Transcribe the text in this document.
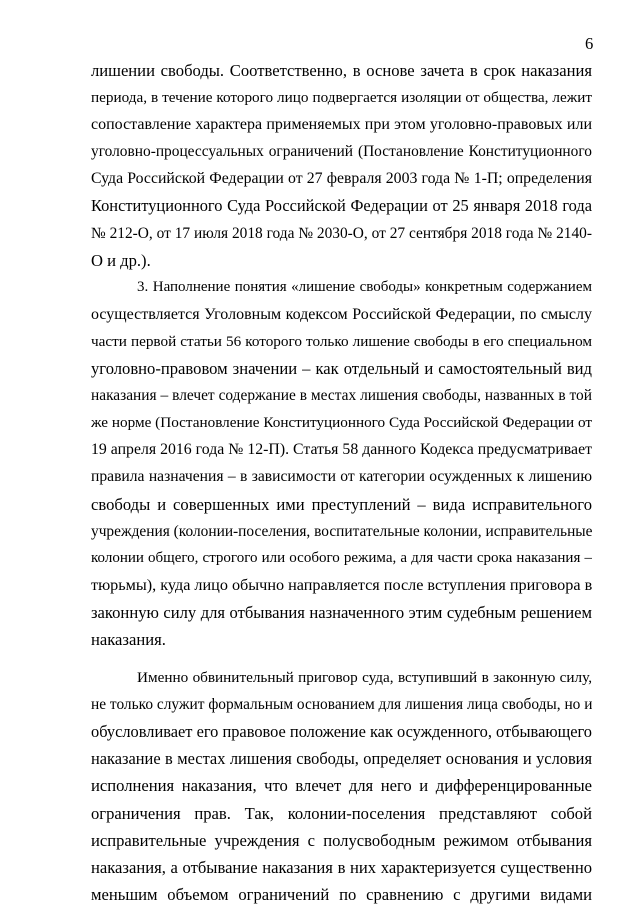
6
лишении свободы. Соответственно, в основе зачета в срок наказания
периода, в течение которого лицо подвергается изоляции от общества, лежит
сопоставление характера применяемых при этом уголовно-правовых или
уголовно-процессуальных ограничений (Постановление Конституционного
Суда Российской Федерации от 27 февраля 2003 года № 1-П; определения
Конституционного Суда Российской Федерации от 25 января 2018 года
№ 212-О, от 17 июля 2018 года № 2030-О, от 27 сентября 2018 года № 2140-
О и др.).
3. Наполнение понятия «лишение свободы» конкретным содержанием
осуществляется Уголовным кодексом Российской Федерации, по смыслу
части первой статьи 56 которого только лишение свободы в его специальном
уголовно-правовом значении – как отдельный и самостоятельный вид
наказания – влечет содержание в местах лишения свободы, названных в той
же норме (Постановление Конституционного Суда Российской Федерации от
19 апреля 2016 года № 12-П). Статья 58 данного Кодекса предусматривает
правила назначения – в зависимости от категории осужденных к лишению
свободы и совершенных ими преступлений – вида исправительного
учреждения (колонии-поселения, воспитательные колонии, исправительные
колонии общего, строгого или особого режима, а для части срока наказания –
тюрьмы), куда лицо обычно направляется после вступления приговора в
законную силу для отбывания назначенного этим судебным решением
наказания.
Именно обвинительный приговор суда, вступивший в законную силу,
не только служит формальным основанием для лишения лица свободы, но и
обусловливает его правовое положение как осужденного, отбывающего
наказание в местах лишения свободы, определяет основания и условия
исполнения наказания, что влечет для него и дифференцированные
ограничения прав. Так, колонии-поселения представляют собой
исправительные учреждения с полусвободным режимом отбывания
наказания, а отбывание наказания в них характеризуется существенно
меньшим объемом ограничений по сравнению с другими видами
